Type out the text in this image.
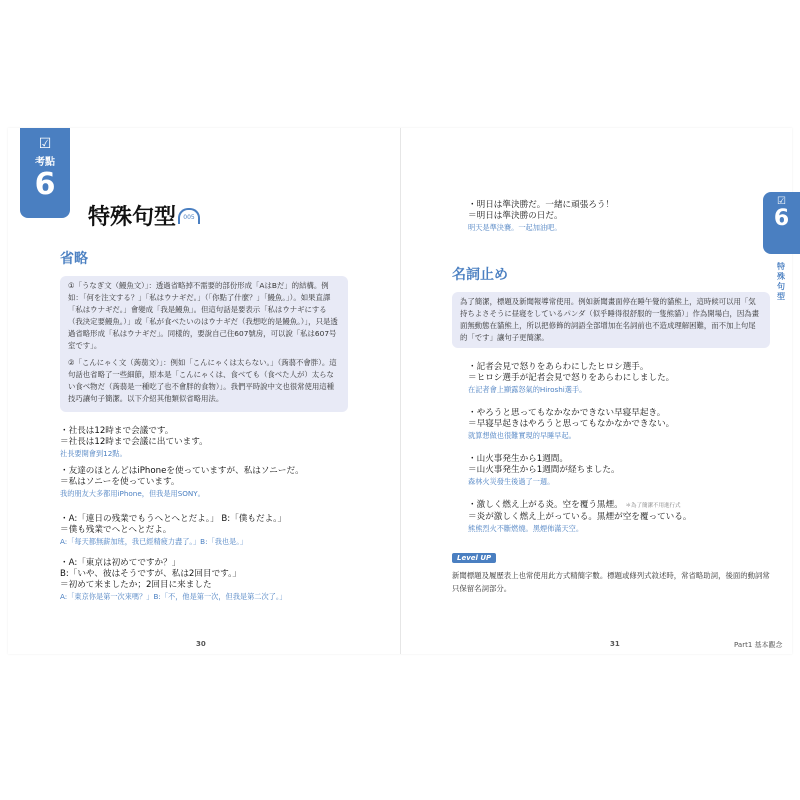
☑
考點
6
特殊句型	005
省略

①「うなぎ文（鰻魚文）」：透過省略掉不需要的部份形成「AはBだ」的結構。例如：「何を注文する？」「私はウナギだ。」（「你點了什麼？」「鰻魚。」）。如果直譯「私はウナギだ。」會變成「我是鰻魚」。但這句話是要表示「私はウナギにする（我決定要鰻魚。）」或「私が食べたいのはウナギだ（我想吃的是鰻魚。）」，只是透過省略形成「私はウナギだ」。同樣的，要說自己住607號房，可以說「私は607号室です」。

②「こんにゃく文（蒟蒻文）」：例如「こんにゃくは太らない。」（蒟蒻不會胖）。這句話也省略了一些細節，原本是「こんにゃくは、食べても（食べた人が）太らない食べ物だ（蒟蒻是一種吃了也不會胖的食物）」。我們平時說中文也很常使用這種技巧讓句子簡潔。以下介紹其他類似省略用法。

・社長は12時まで会議です。
＝社長は12時まで会議に出ています。
社長要開會到12點。
・友達のほとんどはiPhoneを使っていますが、私はソニーだ。
＝私はソニーを使っています。
我的朋友大多都用iPhone，但我是用SONY。
・A:「連日の残業でもうへとへとだよ。」 B:「僕もだよ。」
＝僕も残業でへとへとだよ。
A:「每天都無薪加班，我已經精疲力盡了。」B:「我也是。」
・A:「東京は初めてですか？」
B:「いや、彼はそうですが、私は2回目です。」
＝初めて来ましたか；2回目に来ました
A:「東京你是第一次來嗎？」B:「不，他是第一次，但我是第二次了。」
30
☑
6
特殊句型
・明日は準決勝だ。一緒に頑張ろう！
＝明日は準決勝の日だ。
明天是準決賽。一起加油吧。
名詞止め

為了簡潔，標題及新聞報導常使用。例如新聞畫面停在睡午覺的貓熊上，這時候可以用「気持ちよさそうに昼寝をしているパンダ（似乎睡得很舒服的一隻熊貓）」作為開場白，因為畫面無動態在貓熊上，所以把修飾的詞語全部增加在名詞前也不造成理解困難，而不加上句尾的「です」讓句子更簡潔。

・記者会見で怒りをあらわにしたヒロシ選手。
＝ヒロシ選手が記者会見で怒りをあらわにしました。
在記者會上顯露怒氣的Hiroshi選手。
・やろうと思ってもなかなかできない早寝早起き。
＝早寝早起きはやろうと思ってもなかなかできない。
就算想做也很難實現的早睡早起。
・山火事発生から1週間。
＝山火事発生から1週間が経ちました。
森林火災發生後過了一週。
・激しく燃え上がる炎。空を覆う黒煙。 ＊為了簡潔不用進行式
＝炎が激しく燃え上がっている。黒煙が空を覆っている。
熊熊烈火不斷燃燒。黑煙佈滿天空。
Level UP
新聞標題及履歷表上也常使用此方式精簡字數。標題或條列式敘述時，常省略助詞，後面的動詞常只保留名詞部分。
31	Part1 基本觀念
